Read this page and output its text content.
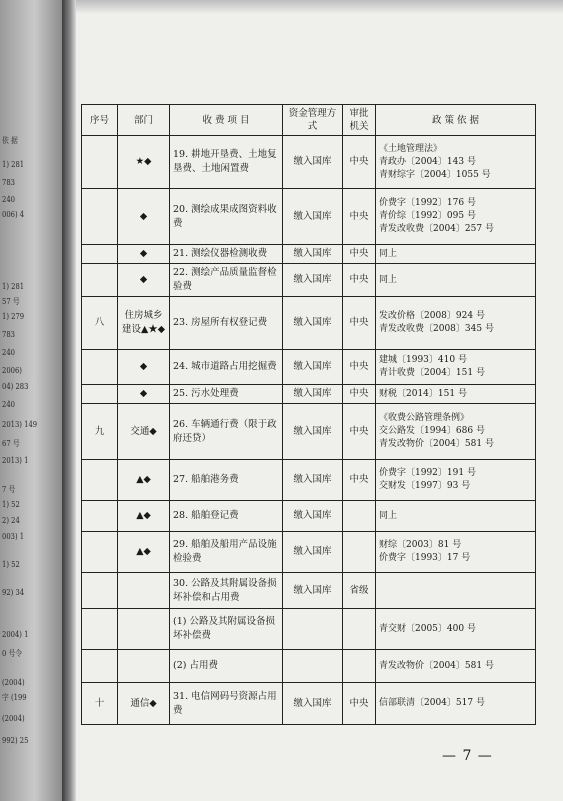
依 据
1) 281
783
240
006) 4
1) 281
57 号
1) 279
783
240
2006)
04) 283
240
2013) 149
67 号
2013) 1
7 号
1) 52
2) 24
003) 1
1) 52
92) 34
2004) 1
0 号令
(2004)
字 (199
(2004)
992) 25
序号	部门	收 费 项 目	资金管理方式	审批机关	政 策 依 据
	★◆	19. 耕地开垦费、土地复垦费、土地闲置费	缴入国库	中央	《土地管理法》
青政办〔2004〕143 号
青财综字〔2004〕1055 号

	◆	20. 测绘成果成图资料收费	缴入国库	中央	价费字〔1992〕176 号
青价综〔1992〕095 号
青发改收费〔2004〕257 号

	◆	21. 测绘仪器检测收费	缴入国库	中央	同上

	◆	22. 测绘产品质量监督检验费	缴入国库	中央	同上

八	住房城乡建设▲★◆	23. 房屋所有权登记费	缴入国库	中央	发改价格〔2008〕924 号
青发改收费〔2008〕345 号

	◆	24. 城市道路占用挖掘费	缴入国库	中央	建城〔1993〕410 号
青计收费〔2004〕151 号

	◆	25. 污水处理费	缴入国库	中央	财税〔2014〕151 号

九	交通◆	26. 车辆通行费（限于政府还贷）	缴入国库	中央	《收费公路管理条例》
交公路发〔1994〕686 号
青发改物价〔2004〕581 号

	▲◆	27. 船舶港务费	缴入国库	中央	价费字〔1992〕191 号
交财发〔1997〕93 号

	▲◆	28. 船舶登记费	缴入国库		同上

	▲◆	29. 船舶及船用产品设施检验费	缴入国库		财综〔2003〕81 号
价费字〔1993〕17 号

		30. 公路及其附属设备损坏补偿和占用费	缴入国库	省级	
		(1) 公路及其附属设备损坏补偿费			青交财〔2005〕400 号

		(2) 占用费			青发改物价〔2004〕581 号

十	通信◆	31. 电信网码号资源占用费	缴入国库	中央	信部联清〔2004〕517 号
— 7 —
